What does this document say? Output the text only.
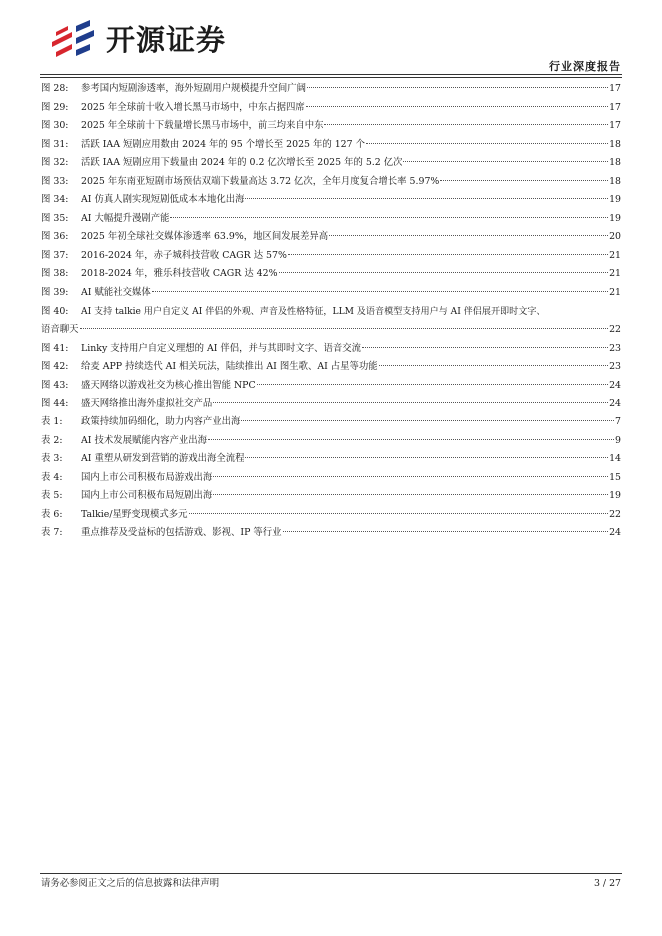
开源证券
行业深度报告
图 28:	参考国内短剧渗透率，海外短剧用户规模提升空间广阔	17
图 29:	2025 年全球前十收入增长黑马市场中，中东占据四席	17
图 30:	2025 年全球前十下载量增长黑马市场中，前三均来自中东	17
图 31:	活跃 IAA 短剧应用数由 2024 年的 95 个增长至 2025 年的 127 个	18
图 32:	活跃 IAA 短剧应用下载量由 2024 年的 0.2 亿次增长至 2025 年的 5.2 亿次	18
图 33:	2025 年东南亚短剧市场预估双端下载量高达 3.72 亿次，全年月度复合增长率 5.97%	18
图 34:	AI 仿真人剧实现短剧低成本本地化出海	19
图 35:	AI 大幅提升漫剧产能	19
图 36:	2025 年初全球社交媒体渗透率 63.9%，地区间发展差异高	20
图 37:	2016-2024 年，赤子城科技营收 CAGR 达 57%	21
图 38:	2018-2024 年，雅乐科技营收 CAGR 达 42%	21
图 39:	AI 赋能社交媒体	21
图 40:	AI 支持 talkie 用户自定义 AI 伴侣的外观、声音及性格特征，LLM 及语音模型支持用户与 AI 伴侣展开即时文字、
语音聊天	22
图 41:	Linky 支持用户自定义理想的 AI 伴侣，并与其即时文字、语音交流	23
图 42:	给麦 APP 持续迭代 AI 相关玩法，陆续推出 AI 图生歌、AI 占星等功能	23
图 43:	盛天网络以游戏社交为核心推出智能 NPC	24
图 44:	盛天网络推出海外虚拟社交产品	24
表 1:	政策持续加码细化，助力内容产业出海	7
表 2:	AI 技术发展赋能内容产业出海	9
表 3:	AI 重塑从研发到营销的游戏出海全流程	14
表 4:	国内上市公司积极布局游戏出海	15
表 5:	国内上市公司积极布局短剧出海	19
表 6:	Talkie/星野变现模式多元	22
表 7:	重点推荐及受益标的包括游戏、影视、IP 等行业	24
请务必参阅正文之后的信息披露和法律声明	3 / 27
